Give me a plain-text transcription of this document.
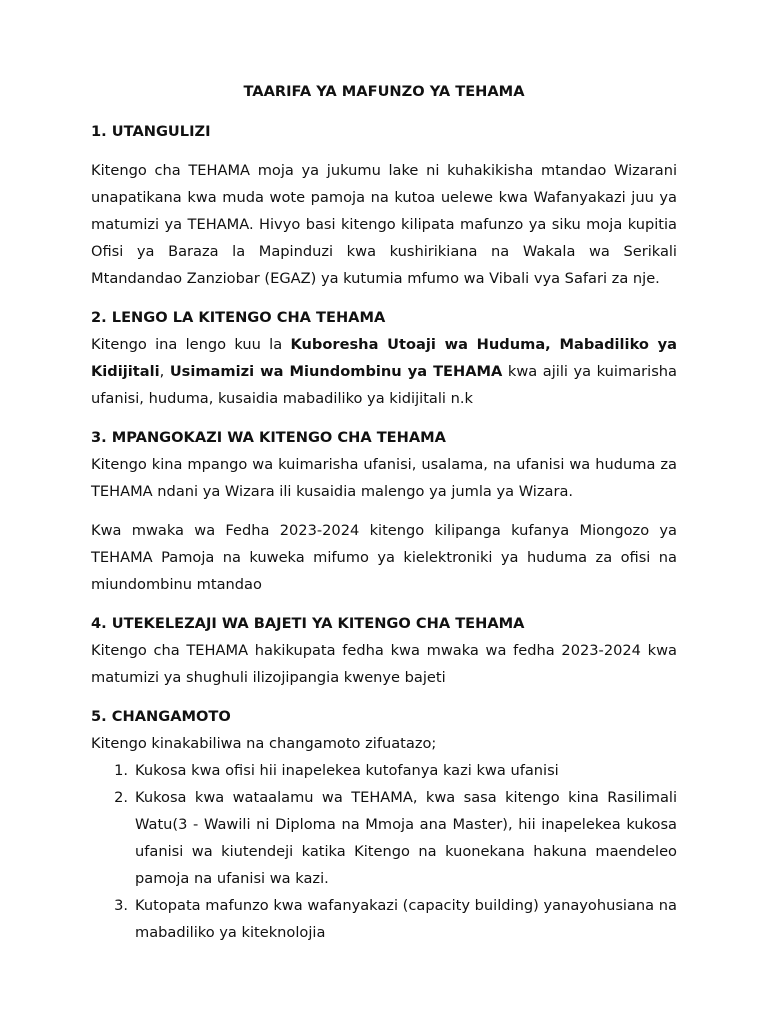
TAARIFA YA MAFUNZO YA TEHAMA
1. UTANGULIZI

Kitengo cha TEHAMA moja ya jukumu lake ni kuhakikisha mtandao Wizarani unapatikana kwa muda wote pamoja na kutoa uelewe kwa Wafanyakazi juu ya matumizi ya TEHAMA. Hivyo basi kitengo kilipata mafunzo ya siku moja kupitia Ofisi ya Baraza la Mapinduzi kwa kushirikiana na Wakala wa Serikali Mtandandao Zanziobar (EGAZ) ya kutumia mfumo wa Vibali vya Safari za nje.

2. LENGO LA KITENGO CHA TEHAMA

Kitengo ina lengo kuu la Kuboresha Utoaji wa Huduma, Mabadiliko ya Kidijitali, Usimamizi wa Miundombinu ya TEHAMA kwa ajili ya kuimarisha ufanisi, huduma, kusaidia mabadiliko ya kidijitali n.k

3. MPANGOKAZI WA KITENGO CHA TEHAMA

Kitengo kina mpango wa kuimarisha ufanisi, usalama, na ufanisi wa huduma za TEHAMA ndani ya Wizara ili kusaidia malengo ya jumla ya Wizara.

Kwa mwaka wa Fedha 2023-2024 kitengo kilipanga kufanya Miongozo ya TEHAMA Pamoja na kuweka mifumo ya kielektroniki ya huduma za ofisi na miundombinu mtandao

4. UTEKELEZAJI WA BAJETI YA KITENGO CHA TEHAMA

Kitengo cha TEHAMA hakikupata fedha kwa mwaka wa fedha 2023-2024 kwa matumizi ya shughuli ilizojipangia kwenye bajeti

5. CHANGAMOTO

Kitengo kinakabiliwa na changamoto zifuatazo;

1. Kukosa kwa ofisi hii inapelekea kutofanya kazi kwa ufanisi
2. Kukosa kwa wataalamu wa TEHAMA, kwa sasa kitengo kina Rasilimali Watu(3 - Wawili ni Diploma na Mmoja ana Master), hii inapelekea kukosa ufanisi wa kiutendeji katika Kitengo na kuonekana hakuna maendeleo pamoja na ufanisi wa kazi.
3. Kutopata mafunzo kwa wafanyakazi (capacity building) yanayohusiana na mabadiliko ya kiteknolojia
